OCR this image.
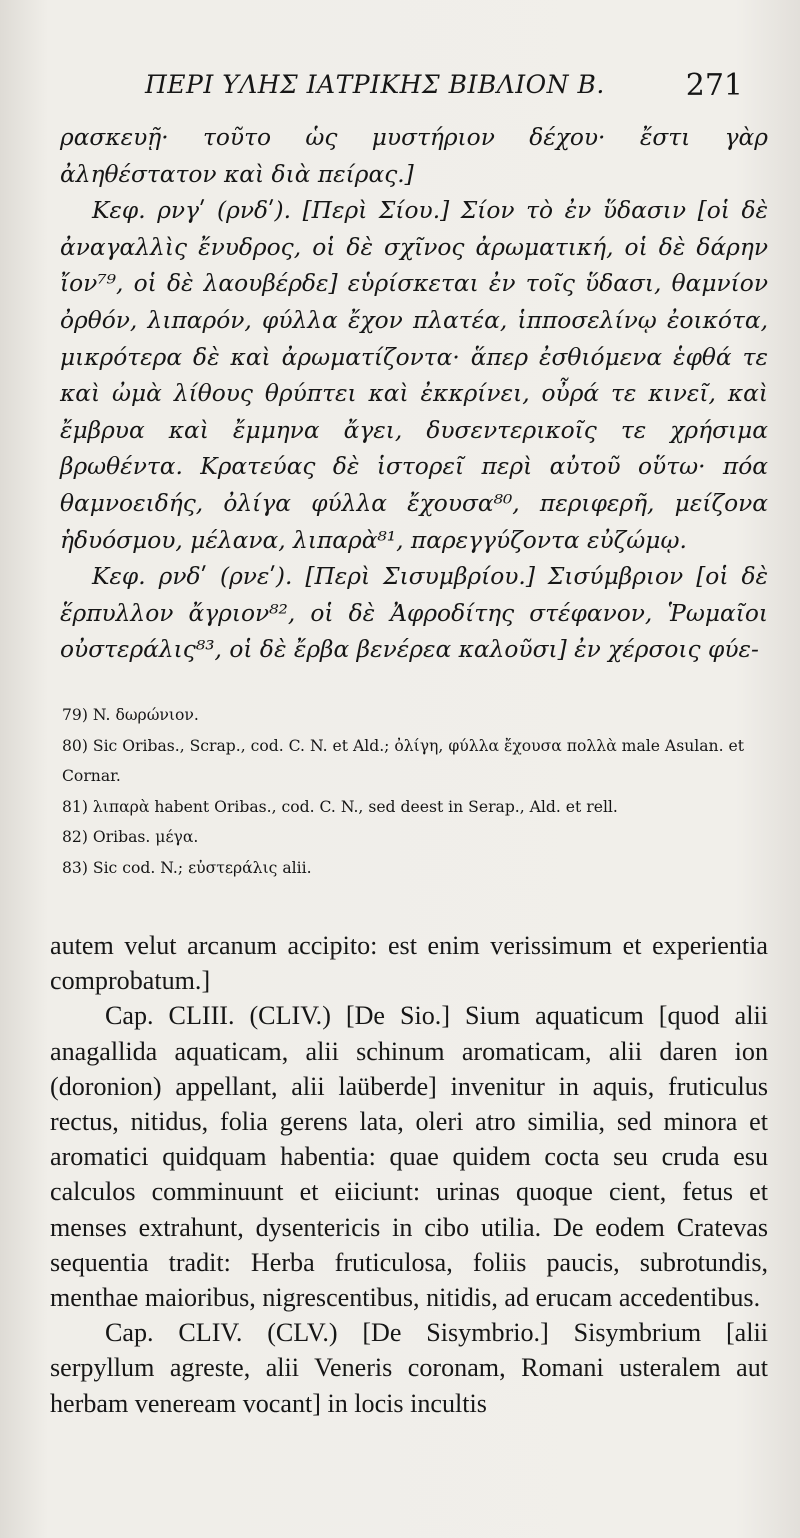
ΠΕΡΙ ΥΛΗΣ ΙΑΤΡΙΚΗΣ ΒΙΒΛΙΟΝ Β.	271

ρασκευῇ· τοῦτο ὡς μυστήριον δέχου· ἔστι γὰρ ἀληθέστατον καὶ διὰ πείρας.]

Κεφ. ρνγʹ (ρνδʹ). [Περὶ Σίου.] Σίον τὸ ἐν ὕδασιν [οἱ δὲ ἀναγαλλὶς ἔνυδρος, οἱ δὲ σχῖνος ἀρωματική, οἱ δὲ δάρην ἴον⁷⁹, οἱ δὲ λαουβέρδε] εὑρίσκεται ἐν τοῖς ὕδασι, θαμνίον ὀρθόν, λιπαρόν, φύλλα ἔχον πλατέα, ἱπποσελίνῳ ἐοικότα, μικρότερα δὲ καὶ ἀρωματίζοντα· ἅπερ ἐσθιόμενα ἑφθά τε καὶ ὠμὰ λίθους θρύπτει καὶ ἐκκρίνει, οὖρά τε κινεῖ, καὶ ἔμβρυα καὶ ἔμμηνα ἄγει, δυσεντερικοῖς τε χρήσιμα βρωθέντα. Κρατεύας δὲ ἱστορεῖ περὶ αὐτοῦ οὕτω· πόα θαμνοειδής, ὀλίγα φύλλα ἔχουσα⁸⁰, περιφερῆ, μείζονα ἡδυόσμου, μέλανα, λιπαρὰ⁸¹, παρεγγύζοντα εὐζώμῳ.

Κεφ. ρνδʹ (ρνεʹ). [Περὶ Σισυμβρίου.] Σισύμβριον [οἱ δὲ ἕρπυλλον ἄγριον⁸², οἱ δὲ Ἀφροδίτης στέφανον, Ῥωμαῖοι οὐστεράλις⁸³, οἱ δὲ ἔρβα βενέρεα καλοῦσι] ἐν χέρσοις φύε-

79) N. δωρώνιον.

80) Sic Oribas., Scrap., cod. C. N. et Ald.; ὀλίγη, φύλλα ἔχουσα πολλὰ male Asulan. et Cornar.

81) λιπαρὰ habent Oribas., cod. C. N., sed deest in Serap., Ald. et rell.

82) Oribas. μέγα.

83) Sic cod. N.; εὐστεράλις alii.

autem velut arcanum accipito: est enim verissimum et experientia comprobatum.]

Cap. CLIII. (CLIV.) [De Sio.] Sium aquaticum [quod alii anagallida aquaticam, alii schinum aromaticam, alii daren ion (doronion) appellant, alii laüberde] invenitur in aquis, fruticulus rectus, nitidus, folia gerens lata, oleri atro similia, sed minora et aromatici quidquam habentia: quae quidem cocta seu cruda esu calculos comminuunt et eiiciunt: urinas quoque cient, fetus et menses extrahunt, dysentericis in cibo utilia. De eodem Cratevas sequentia tradit: Herba fruticulosa, foliis paucis, subrotundis, menthae maioribus, nigrescentibus, nitidis, ad erucam accedentibus.

Cap. CLIV. (CLV.) [De Sisymbrio.] Sisymbrium [alii serpyllum agreste, alii Veneris coronam, Romani usteralem aut herbam veneream vocant] in locis incultis
